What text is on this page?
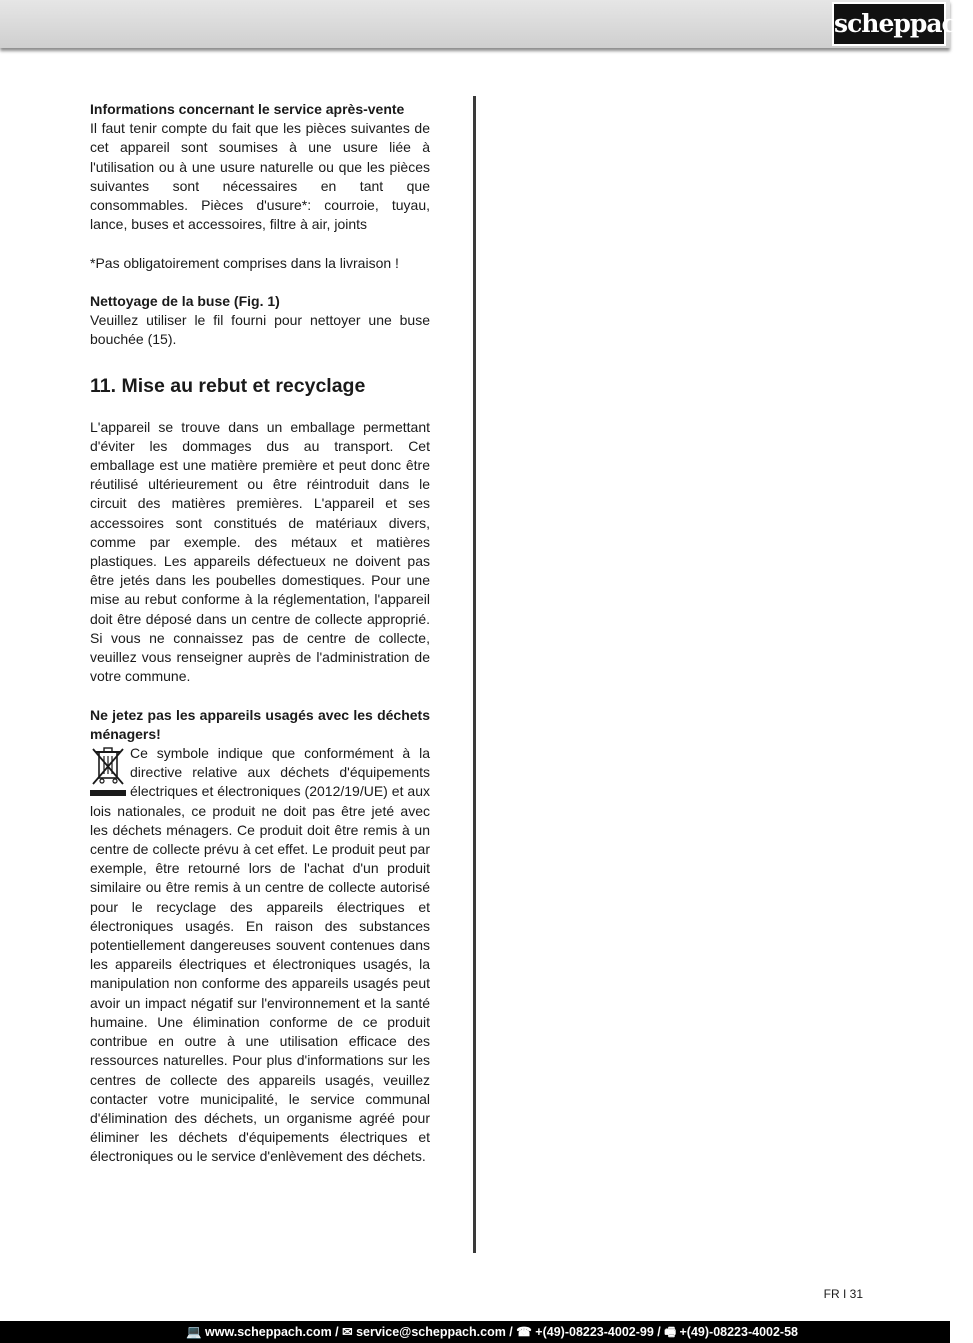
scheppach

Informations concernant le service après-vente

Il faut tenir compte du fait que les pièces suivantes de cet appareil sont soumises à une usure liée à l'utilisation ou à une usure naturelle ou que les pièces suivantes sont nécessaires en tant que consommables. Pièces d'usure*: courroie, tuyau, lance, buses et accessoires, filtre à air, joints

*Pas obligatoirement comprises dans la livraison !

Nettoyage de la buse (Fig. 1)

Veuillez utiliser le fil fourni pour nettoyer une buse bouchée (15).

11. Mise au rebut et recyclage

L'appareil se trouve dans un emballage permettant d'éviter les dommages dus au transport. Cet emballage est une matière première et peut donc être réutilisé ultérieurement ou être réintroduit dans le circuit des matières premières. L'appareil et ses accessoires sont constitués de matériaux divers, comme par exemple. des métaux et matières plastiques. Les appareils défectueux ne doivent pas être jetés dans les poubelles domestiques. Pour une mise au rebut conforme à la réglementation, l'appareil doit être déposé dans un centre de collecte approprié. Si vous ne connaissez pas de centre de collecte, veuillez vous renseigner auprès de l'administration de votre commune.

Ne jetez pas les appareils usagés avec les déchets ménagers!

Ce symbole indique que conformément à la directive relative aux déchets d'équipements électriques et électroniques (2012/19/UE) et aux lois nationales, ce produit ne doit pas être jeté avec les déchets ménagers. Ce produit doit être remis à un centre de collecte prévu à cet effet. Le produit peut par exemple, être retourné lors de l'achat d'un produit similaire ou être remis à un centre de collecte autorisé pour le recyclage des appareils électriques et électroniques usagés. En raison des substances potentiellement dangereuses souvent contenues dans les appareils électriques et électroniques usagés, la manipulation non conforme des appareils usagés peut avoir un impact négatif sur l'environnement et la santé humaine. Une élimination conforme de ce produit contribue en outre à une utilisation efficace des ressources naturelles. Pour plus d'informations sur les centres de collecte des appareils usagés, veuillez contacter votre municipalité, le service communal d'élimination des déchets, un organisme agréé pour éliminer les déchets d'équipements électriques et électroniques ou le service d'enlèvement des déchets.

FR I 31
💻 www.scheppach.com / ✉ service@scheppach.com / ☎ +(49)-08223-4002-99 / 🖷 +(49)-08223-4002-58
